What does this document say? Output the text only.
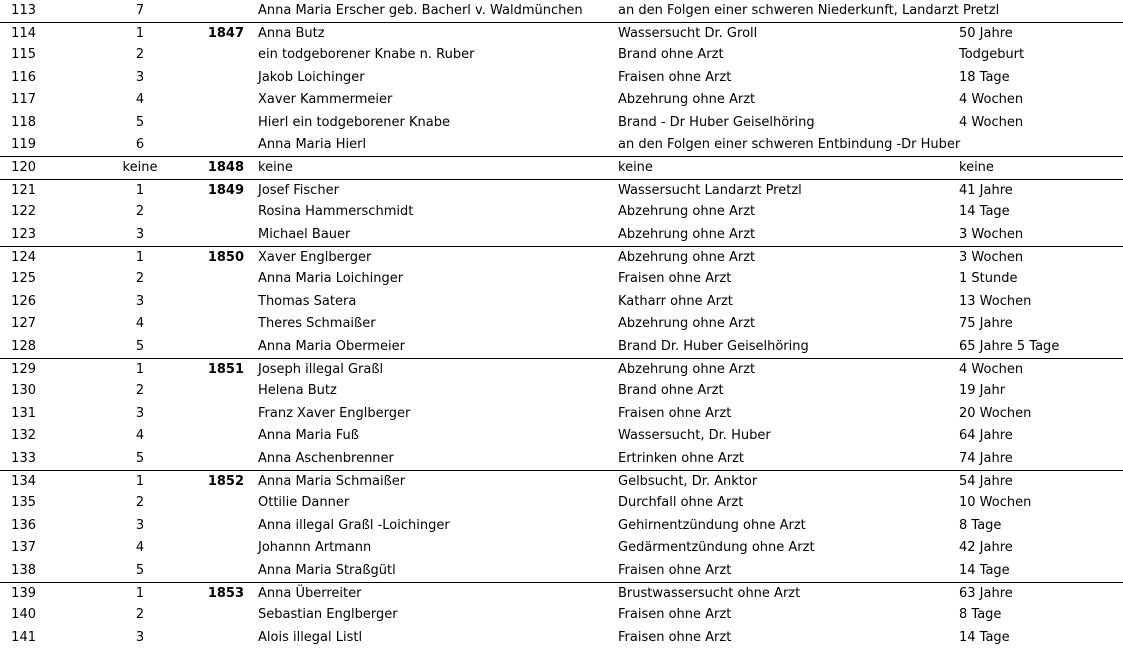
113	7	Anna Maria Erscher geb. Bacherl v. Waldmünchen	an den Folgen einer schweren Niederkunft, Landarzt Pretzl
114	1	1847 Anna Butz	Wassersucht Dr. Groll	50 Jahre
115	2	ein todgeborener Knabe n. Ruber	Brand ohne Arzt	Todgeburt
116	3	Jakob Loichinger	Fraisen ohne Arzt	18 Tage
117	4	Xaver Kammermeier	Abzehrung ohne Arzt	4 Wochen
118	5	Hierl ein todgeborener Knabe	Brand - Dr Huber Geiselhöring	4 Wochen
119	6	Anna Maria Hierl	an den Folgen einer schweren Entbindung -Dr Huber
120	keine	1848 keine	keine	keine
121	1	1849 Josef Fischer	Wassersucht Landarzt Pretzl	41 Jahre
122	2	Rosina Hammerschmidt	Abzehrung ohne Arzt	14 Tage
123	3	Michael Bauer	Abzehrung ohne Arzt	3 Wochen
124	1	1850 Xaver Englberger	Abzehrung ohne Arzt	3 Wochen
125	2	Anna Maria Loichinger	Fraisen ohne Arzt	1 Stunde
126	3	Thomas Satera	Katharr ohne Arzt	13 Wochen
127	4	Theres Schmaißer	Abzehrung ohne Arzt	75 Jahre
128	5	Anna Maria Obermeier	Brand Dr. Huber Geiselhöring	65 Jahre 5 Tage
129	1	1851 Joseph illegal Graßl	Abzehrung ohne Arzt	4 Wochen
130	2	Helena Butz	Brand ohne Arzt	19 Jahr
131	3	Franz Xaver Englberger	Fraisen ohne Arzt	20 Wochen
132	4	Anna Maria Fuß	Wassersucht, Dr. Huber	64 Jahre
133	5	Anna Aschenbrenner	Ertrinken ohne Arzt	74 Jahre
134	1	1852 Anna Maria Schmaißer	Gelbsucht, Dr. Anktor	54 Jahre
135	2	Ottilie Danner	Durchfall ohne Arzt	10 Wochen
136	3	Anna illegal Graßl -Loichinger	Gehirnentzündung ohne Arzt	8 Tage
137	4	Johannn Artmann	Gedärmentzündung ohne Arzt	42 Jahre
138	5	Anna Maria Straßgütl	Fraisen ohne Arzt	14 Tage
139	1	1853 Anna Überreiter	Brustwassersucht ohne Arzt	63 Jahre
140	2	Sebastian Englberger	Fraisen ohne Arzt	8 Tage
141	3	Alois illegal Listl	Fraisen ohne Arzt	14 Tage
